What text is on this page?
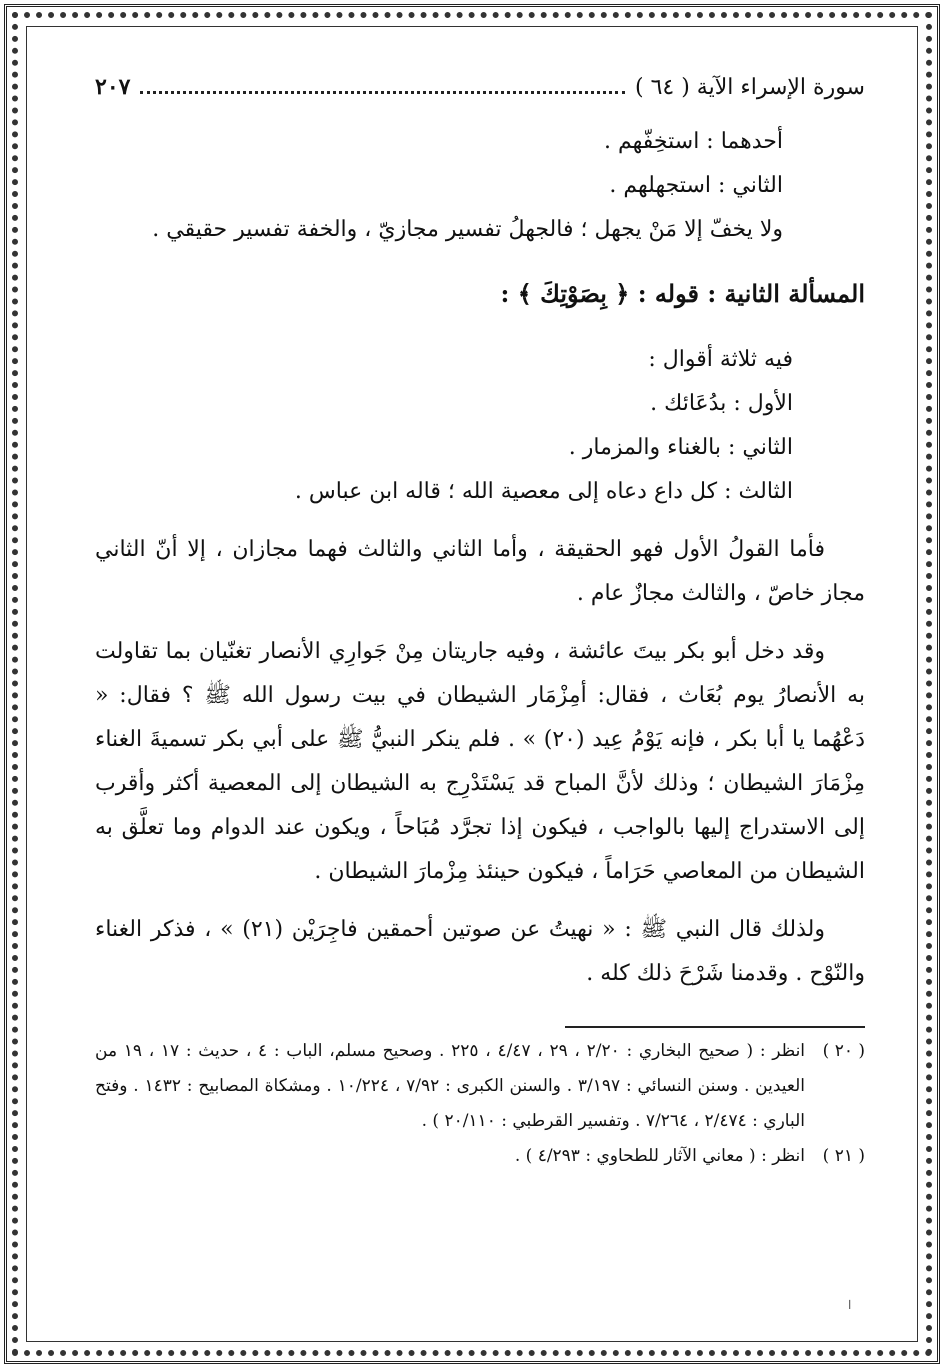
سورة الإسراء الآية ( ٦٤ )
٢٠٧

أحدهما : استخِفّهم .

الثاني : استجهلهم .

ولا يخفّ إلا مَنْ يجهل ؛ فالجهلُ تفسير مجازيّ ، والخفة تفسير حقيقي .

المسألة الثانية : قوله : ﴿ بِصَوْتِكَ ﴾ :

فيه ثلاثة أقوال :

الأول : بدُعَائك .

الثاني : بالغناء والمزمار .

الثالث : كل داع دعاه إلى معصية الله ؛ قاله ابن عباس .

فأما القولُ الأول فهو الحقيقة ، وأما الثاني والثالث فهما مجازان ، إلا أنّ الثاني مجاز خاصّ ، والثالث مجازٌ عام .

وقد دخل أبو بكر بيتَ عائشة ، وفيه جاريتان مِنْ جَوارِي الأنصار تغنّيان بما تقاولت به الأنصارُ يوم بُعَاث ، فقال: أمِزْمَار الشيطان في بيت رسول الله ﷺ ؟ فقال: « دَعْهُما يا أبا بكر ، فإنه يَوْمُ عِيد (٢٠) » . فلم ينكر النبيُّ ﷺ على أبي بكر تسميةَ الغناء مِزْمَارَ الشيطان ؛ وذلك لأنَّ المباح قد يَسْتَدْرِج به الشيطان إلى المعصية أكثر وأقرب إلى الاستدراج إليها بالواجب ، فيكون إذا تجرَّد مُبَاحاً ، ويكون عند الدوام وما تعلَّق به الشيطان من المعاصي حَرَاماً ، فيكون حينئذ مِزْمارَ الشيطان .

ولذلك قال النبي ﷺ : « نهيتُ عن صوتين أحمقين فاجِرَيْن (٢١) » ، فذكر الغناء والنّوْح . وقدمنا شَرْحَ ذلك كله .

( ٢٠ )
انظر : ( صحيح البخاري : ٢/٢٠ ، ٢٩ ، ٤/٤٧ ، ٢٢٥ . وصحيح مسلم، الباب : ٤ ، حديث : ١٧ ، ١٩ من العيدين . وسنن النسائي : ٣/١٩٧ . والسنن الكبرى : ٧/٩٢ ، ١٠/٢٢٤ . ومشكاة المصابيح : ١٤٣٢ . وفتح الباري : ٢/٤٧٤ ، ٧/٢٦٤ . وتفسير القرطبي : ٢٠/١١٠ ) .
( ٢١ )
انظر : ( معاني الآثار للطحاوي : ٤/٢٩٣ ) .
ا
